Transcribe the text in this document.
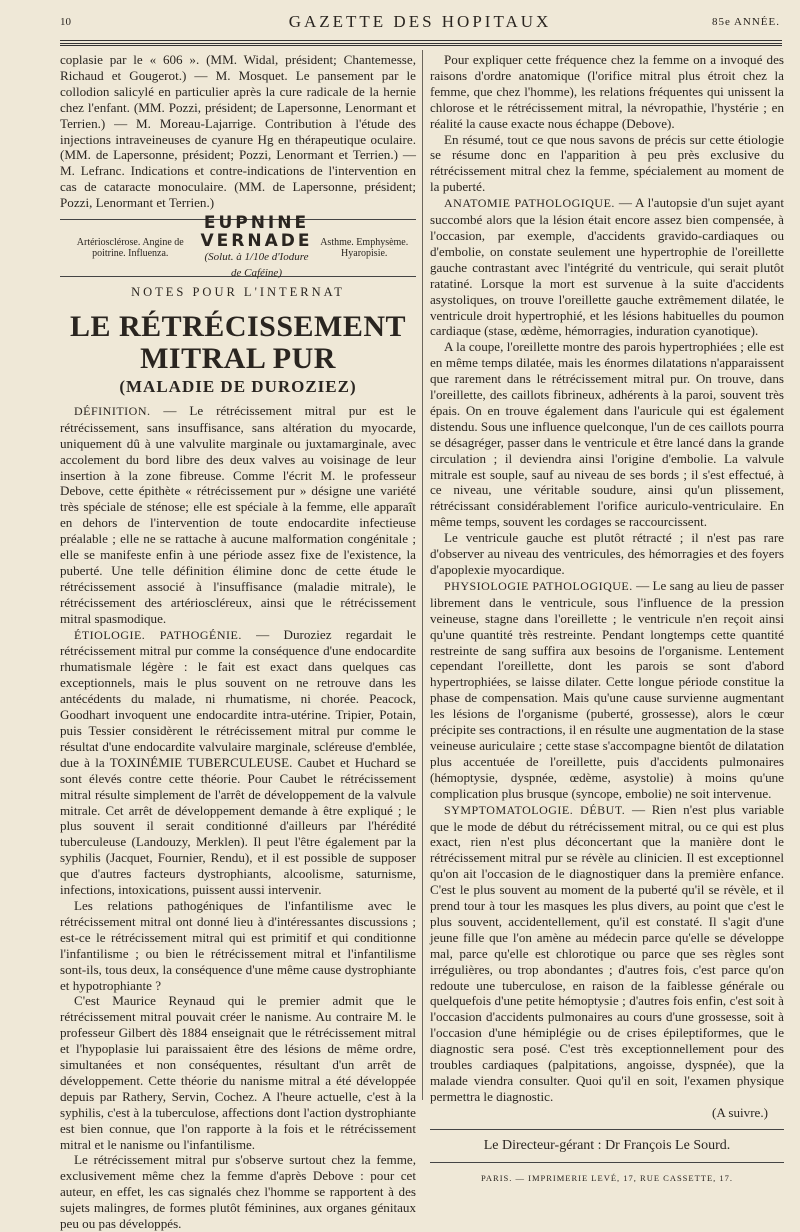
10	GAZETTE DES HOPITAUX	85e ANNÉE.

coplasie par le « 606 ». (MM. Widal, président; Chantemesse, Richaud et Gougerot.) — M. Mosquet. Le pansement par le collodion salicylé en particulier après la cure radicale de la hernie chez l'enfant. (MM. Pozzi, président; de Lapersonne, Lenormant et Terrien.) — M. Moreau-Lajarrige. Contribution à l'étude des injections intraveineuses de cyanure Hg en thérapeutique oculaire. (MM. de Lapersonne, président; Pozzi, Lenormant et Terrien.) — M. Lefranc. Indications et contre-indications de l'intervention en cas de cataracte monoculaire. (MM. de Lapersonne, président; Pozzi, Lenormant et Terrien.)

Artériosclérose. Angine de poitrine. Influenza.
EUPNINE VERNADE
(Solut. à 1/10e d'Iodure de Caféine)
Asthme. Emphysème. Hyaropisie.
NOTES POUR L'INTERNAT
LE RÉTRÉCISSEMENT MITRAL PUR
(MALADIE DE DUROZIEZ)

DÉFINITION. — Le rétrécissement mitral pur est le rétrécissement, sans insuffisance, sans altération du myocarde, uniquement dû à une valvulite marginale ou juxtamarginale, avec accolement du bord libre des deux valves au voisinage de leur insertion à la zone fibreuse. Comme l'écrit M. le professeur Debove, cette épithète « rétrécissement pur » désigne une variété très spéciale de sténose; elle est spéciale à la femme, elle apparaît en dehors de l'intervention de toute endocardite infectieuse préalable ; elle ne se rattache à aucune malformation congénitale ; elle se manifeste enfin à une période assez fixe de l'existence, la puberté. Une telle définition élimine donc de cette étude le rétrécissement associé à l'insuffisance (maladie mitrale), le rétrécissement des artérioscléreux, ainsi que le rétrécissement mitral spasmodique.

ÉTIOLOGIE. PATHOGÉNIE. — Duroziez regardait le rétrécissement mitral pur comme la conséquence d'une endocardite rhumatismale légère : le fait est exact dans quelques cas exceptionnels, mais le plus souvent on ne retrouve dans les antécédents du malade, ni rhumatisme, ni chorée. Peacock, Goodhart invoquent une endocardite intra-utérine. Tripier, Potain, puis Tessier considèrent le rétrécissement mitral pur comme le résultat d'une endocardite valvulaire marginale, scléreuse d'emblée, due à la TOXINÉMIE TUBERCULEUSE. Caubet et Huchard se sont élevés contre cette théorie. Pour Caubet le rétrécissement mitral résulte simplement de l'arrêt de développement de la valvule mitrale. Cet arrêt de développement demande à être expliqué ; le plus souvent il serait conditionné d'ailleurs par l'hérédité tuberculeuse (Landouzy, Merklen). Il peut l'être également par la syphilis (Jacquet, Fournier, Rendu), et il est possible de supposer que d'autres facteurs dystrophiants, alcoolisme, saturnisme, infections, intoxications, puissent aussi intervenir.

Les relations pathogéniques de l'infantilisme avec le rétrécissement mitral ont donné lieu à d'intéressantes discussions ; est-ce le rétrécissement mitral qui est primitif et qui conditionne l'infantilisme ; ou bien le rétrécissement mitral et l'infantilisme sont-ils, tous deux, la conséquence d'une même cause dystrophiante et hypotrophiante ?

C'est Maurice Reynaud qui le premier admit que le rétrécissement mitral pouvait créer le nanisme. Au contraire M. le professeur Gilbert dès 1884 enseignait que le rétrécissement mitral et l'hypoplasie lui paraissaient être des lésions de même ordre, simultanées et non conséquentes, résultant d'un arrêt de développement. Cette théorie du nanisme mitral a été développée depuis par Rathery, Servin, Cochez. A l'heure actuelle, c'est à la syphilis, c'est à la tuberculose, affections dont l'action dystrophiante est bien connue, que l'on rapporte à la fois et le rétrécissement mitral et le nanisme ou l'infantilisme.

Le rétrécissement mitral pur s'observe surtout chez la femme, exclusivement même chez la femme d'après Debove : pour cet auteur, en effet, les cas signalés chez l'homme se rapportent à des sujets malingres, de formes plutôt féminines, aux organes génitaux peu ou pas développés.

Pour expliquer cette fréquence chez la femme on a invoqué des raisons d'ordre anatomique (l'orifice mitral plus étroit chez la femme, que chez l'homme), les relations fréquentes qui unissent la chlorose et le rétrécissement mitral, la névropathie, l'hystérie ; en réalité la cause exacte nous échappe (Debove).

En résumé, tout ce que nous savons de précis sur cette étiologie se résume donc en l'apparition à peu près exclusive du rétrécissement mitral chez la femme, spécialement au moment de la puberté.

ANATOMIE PATHOLOGIQUE. — A l'autopsie d'un sujet ayant succombé alors que la lésion était encore assez bien compensée, à l'occasion, par exemple, d'accidents gravido-cardiaques ou d'embolie, on constate seulement une hypertrophie de l'oreillette gauche contrastant avec l'intégrité du ventricule, qui serait plutôt ratatiné. Lorsque la mort est survenue à la suite d'accidents asystoliques, on trouve l'oreillette gauche extrêmement dilatée, le ventricule droit hypertrophié, et les lésions habituelles du poumon cardiaque (stase, œdème, hémorragies, induration cyanotique).

A la coupe, l'oreillette montre des parois hypertrophiées ; elle est en même temps dilatée, mais les énormes dilatations n'apparaissent que rarement dans le rétrécissement mitral pur. On trouve, dans l'oreillette, des caillots fibrineux, adhérents à la paroi, souvent très épais. On en trouve également dans l'auricule qui est également distendu. Sous une influence quelconque, l'un de ces caillots pourra se désagréger, passer dans le ventricule et être lancé dans la grande circulation ; il deviendra ainsi l'origine d'embolie. La valvule mitrale est souple, sauf au niveau de ses bords ; il s'est effectué, à ce niveau, une véritable soudure, ainsi qu'un plissement, rétrécissant considérablement l'orifice auriculo-ventriculaire. En même temps, souvent les cordages se raccourcissent.

Le ventricule gauche est plutôt rétracté ; il n'est pas rare d'observer au niveau des ventricules, des hémorragies et des foyers d'apoplexie myocardique.

PHYSIOLOGIE PATHOLOGIQUE. — Le sang au lieu de passer librement dans le ventricule, sous l'influence de la pression veineuse, stagne dans l'oreillette ; le ventricule n'en reçoit ainsi qu'une quantité très restreinte. Pendant longtemps cette quantité restreinte de sang suffira aux besoins de l'organisme. Lentement cependant l'oreillette, dont les parois se sont d'abord hypertrophiées, se laisse dilater. Cette longue période constitue la phase de compensation. Mais qu'une cause survienne augmentant les lésions de l'organisme (puberté, grossesse), alors le cœur précipite ses contractions, il en résulte une augmentation de la stase veineuse auriculaire ; cette stase s'accompagne bientôt de dilatation plus accentuée de l'oreillette, puis d'accidents pulmonaires (hémoptysie, dyspnée, œdème, asystolie) à moins qu'une complication plus brusque (syncope, embolie) ne soit intervenue.

SYMPTOMATOLOGIE. DÉBUT. — Rien n'est plus variable que le mode de début du rétrécissement mitral, ou ce qui est plus exact, rien n'est plus déconcertant que la manière dont le rétrécissement mitral pur se révèle au clinicien. Il est exceptionnel qu'on ait l'occasion de le diagnostiquer dans la première enfance. C'est le plus souvent au moment de la puberté qu'il se révèle, et il prend tour à tour les masques les plus divers, au point que c'est le plus souvent, accidentellement, qu'il est constaté. Il s'agit d'une jeune fille que l'on amène au médecin parce qu'elle se développe mal, parce qu'elle est chlorotique ou parce que ses règles sont irrégulières, ou trop abondantes ; d'autres fois, c'est parce qu'on redoute une tuberculose, en raison de la faiblesse générale ou quelquefois d'une petite hémoptysie ; d'autres fois enfin, c'est soit à l'occasion d'accidents pulmonaires au cours d'une grossesse, soit à l'occasion d'une hémiplégie ou de crises épileptiformes, que le diagnostic sera posé. C'est très exceptionnellement pour des troubles cardiaques (palpitations, angoisse, dyspnée), que la malade viendra consulter. Quoi qu'il en soit, l'examen physique permettra le diagnostic.

(A suivre.)

Le Directeur-gérant : Dr François Le Sourd.
PARIS. — IMPRIMERIE LEVÉ, 17, RUE CASSETTE, 17.
